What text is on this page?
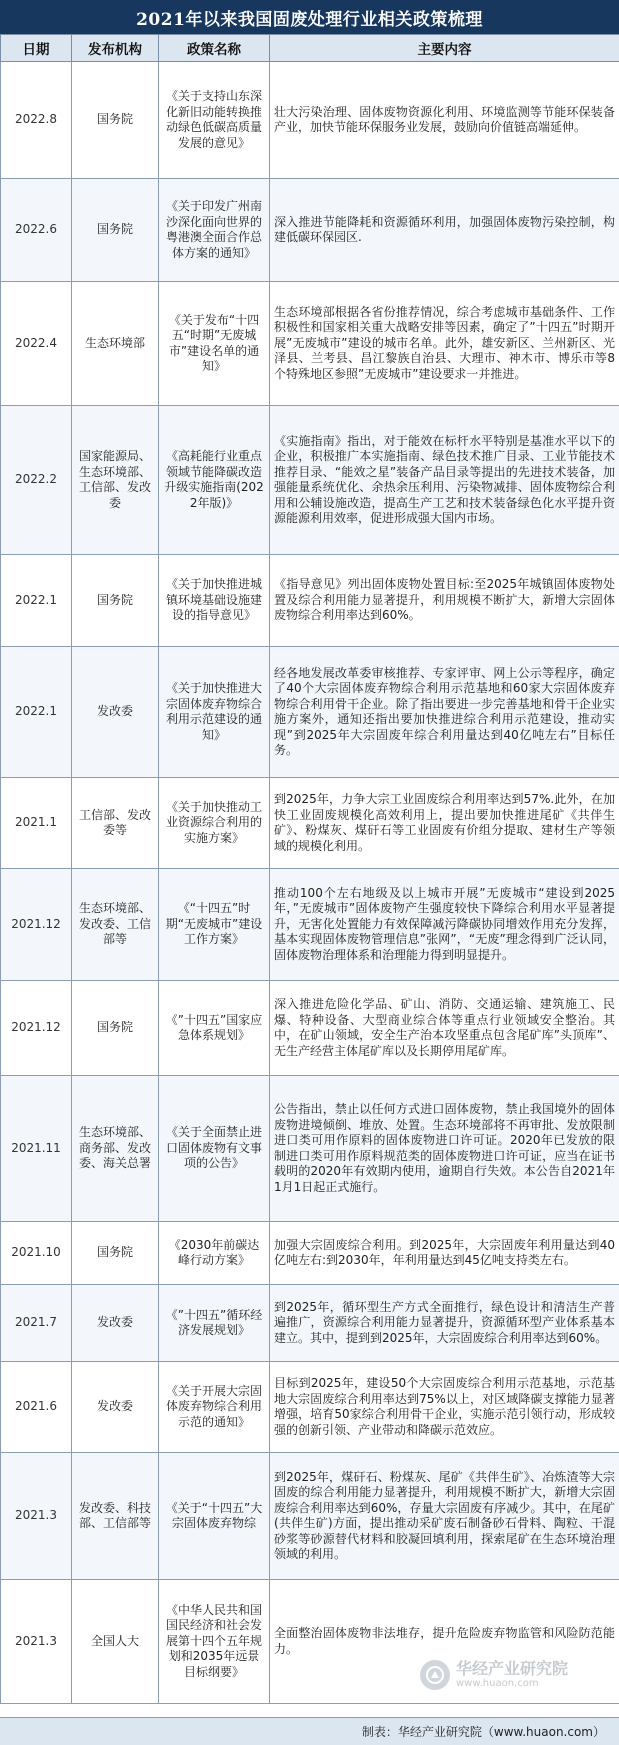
2021年以来我国固废处理行业相关政策梳理
日期	发布机构	政策名称	主要内容
2022.8	国务院	《关于支持山东深化新旧动能转换推动绿色低碳高质量发展的意见》	壮大污染治理、固体废物资源化利用、环境监测等节能环保装备产业，加快节能环保服务业发展，鼓励向价值链高端延伸。
2022.6	国务院	《关于印发广州南沙深化面向世界的粤港澳全面合作总体方案的通知》	深入推进节能降耗和资源循环利用，加强固体废物污染控制，构建低碳环保园区.
2022.4	生态环境部	《关于发布“十四五“时期”无废城市”建设名单的通知》	生态环境部根据各省份推荐情况，综合考虑城市基础条件、工作积极性和国家相关重大战略安排等因素，确定了”十四五”时期开展”无废城市”建设的城市名单。此外，雄安新区、兰州新区、光泽县、兰考县、昌江黎族自治县、大理市、神木市、博乐市等8个特殊地区参照”无废城市”建设要求一并推进。
2022.2	国家能源局、生态环境部、工信部、发改委	《高耗能行业重点领域节能降碳改造升级实施指南(2022年版)》	《实施指南》指出，对于能效在标杆水平特别是基准水平以下的企业，积极推广本实施指南、绿色技术推广目录、工业节能技术推荐目录、“能效之星”装备产品目录等提出的先进技术装备，加强能量系统优化、余热余压利用、污染物减排、固体废物综合利用和公辅设施改造，提高生产工艺和技术装备绿色化水平提升资源能源利用效率，促进形成强大国内市场。
2022.1	国务院	《关于加快推进城镇环境基础设施建设的指导意见》	《指导意见》列出固体废物处置目标:至2025年城镇固体废物处置及综合利用能力显著提升，利用规模不断扩大，新增大宗固体废物综合利用率达到60%。
2022.1	发改委	《关于加快推进大宗固体废弃物综合利用示范建设的通知》	经各地发展改革委审核推荐、专家评审、网上公示等程序，确定了40个大宗固体废弃物综合利用示范基地和60家大宗固体废弃物综合利用骨干企业。除了指出要进一步完善基地和骨干企业实施方案外，通知还指出要加快推进综合利用示范建设，推动实现”到2025年大宗固废年综合利用量达到40亿吨左右”目标任务。
2021.1	工信部、发改委等	《关于加快推动工业资源综合利用的实施方案》	到2025年，力争大宗工业固废综合利用率达到57%.此外，在加快工业固废规模化高效利用上，提出要加快推进尾矿《共伴生矿》、粉煤灰、煤矸石等工业固废有价组分提取、建材生产等领域的规模化利用。
2021.12	生态环境部、发改委、工信部等	《“十四五”时期“无废城市”建设工作方案》	推动100个左右地级及以上城市开展”无废城市“建设到2025年，”无废城市”固体废物产生强度较快下降综合利用水平显著提升，无害化处置能力有效保障减污降碳协同增效作用充分发挥，基本实现固体废物管理信息”张网”，“无废”理念得到广泛认同，固体废物治理体系和治理能力得到明显提升。
2021.12	国务院	《”十四五”国家应急体系规划》	深入推进危险化学品、矿山、消防、交通运输、建筑施工、民爆、特种设备、大型商业综合体等重点行业领域安全整治。其中，在矿山领域，安全生产治本攻坚重点包含尾矿库”头顶库”、无生产经营主体尾矿库以及长期停用尾矿库。
2021.11	生态环境部、商务部、发改委、海关总署	《关于全面禁止进口固体废物有文事项的公告》	公告指出，禁止以任何方式进口固体废物，禁止我国境外的固体废物进境倾倒、堆放、处置。生态环境部将不再审批、发放限制进口类可用作原料的固体废物进口许可证。2020年已发放的限制进口类可用作原料规范类的固体废物进口许可证，应当在证书载明的2020年有效期内使用，逾期自行失效。本公告自2021年1月1日起正式施行。
2021.10	国务院	《2030年前碳达峰行动方案》	加强大宗固废综合利用。到2025年，大宗固废年利用量达到40亿吨左右:到2030年，年利用量达到45亿吨支持类左右。
2021.7	发改委	《”十四五”循环经济发展规划》	到2025年，循环型生产方式全面推行，绿色设计和清洁生产普遍推广，资源综合利用能力显著提升，资源循环型产业体系基本建立。其中，提到到2025年，大宗固废综合利用率达到60%。
2021.6	发改委	《关于开展大宗固体废弃物综合利用示范的通知》	目标到2025年，建设50个大宗固废综合利用示范基地，示范基地大宗固废综合利用率达到75%以上，对区域降碳支撑能力显著增强，培育50家综合利用骨干企业，实施示范引领行动，形成较强的创新引领、产业带动和降碳示范效应。
2021.3	发改委、科技部、工信部等	《关于“十四五”大宗固体废弃物综	到2025年，煤矸石、粉煤灰、尾矿《共伴生矿》、冶炼渣等大宗固废的综合利用能力显著提升，利用规模不断扩大，新增大宗固废综合利用率达到60%，存量大宗固废有序减少。其中，在尾矿(共伴生矿)方面，提出推动采矿废石制备砂石骨料、陶粒、干混砂浆等砂源替代材料和胶凝回填利用，探索尾矿在生态环境治理领域的利用。
2021.3	全国人大	《中华人民共和国国民经济和社会发展第十四个五年规划和2035年远景目标纲要》	全面整治固体废物非法堆存，提升危险废弃物监管和风险防范能力。
华经产业研究院
www.huaon.com
制表：华经产业研究院（www.huaon.com）
